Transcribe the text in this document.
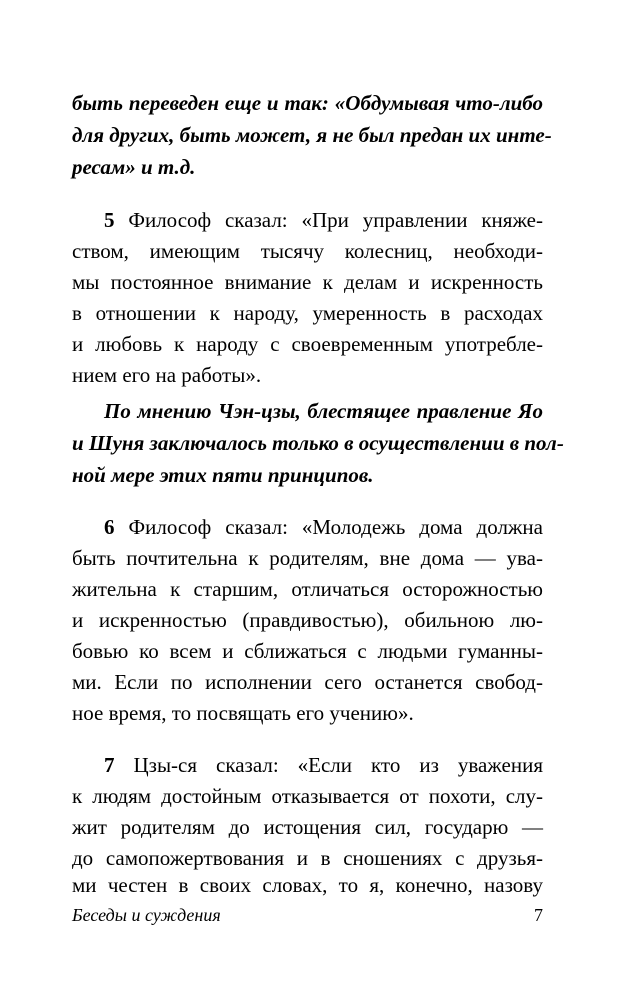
быть переведен еще и так: «Обдумывая что-либо
для других, быть может, я не был предан их инте-
ресам» и т.д.
5 Философ сказал: «При управлении княже-
ством, имеющим тысячу колесниц, необходи-
мы постоянное внимание к делам и искренность
в отношении к народу, умеренность в расходах
и любовь к народу с своевременным употребле-
нием его на работы».
По мнению Чэн-цзы, блестящее правление Яо
и Шуня заключалось только в осуществлении в пол-
ной мере этих пяти принципов.
6 Философ сказал: «Молодежь дома должна
быть почтительна к родителям, вне дома — ува-
жительна к старшим, отличаться осторожностью
и искренностью (правдивостью), обильною лю-
бовью ко всем и сближаться с людьми гуманны-
ми. Если по исполнении сего останется свобод-
ное время, то посвящать его учению».
7 Цзы-ся сказал: «Если кто из уважения
к людям достойным отказывается от похоти, слу-
жит родителям до истощения сил, государю —
до самопожертвования и в сношениях с друзья-
ми честен в своих словах, то я, конечно, назову
Беседы и суждения	7
